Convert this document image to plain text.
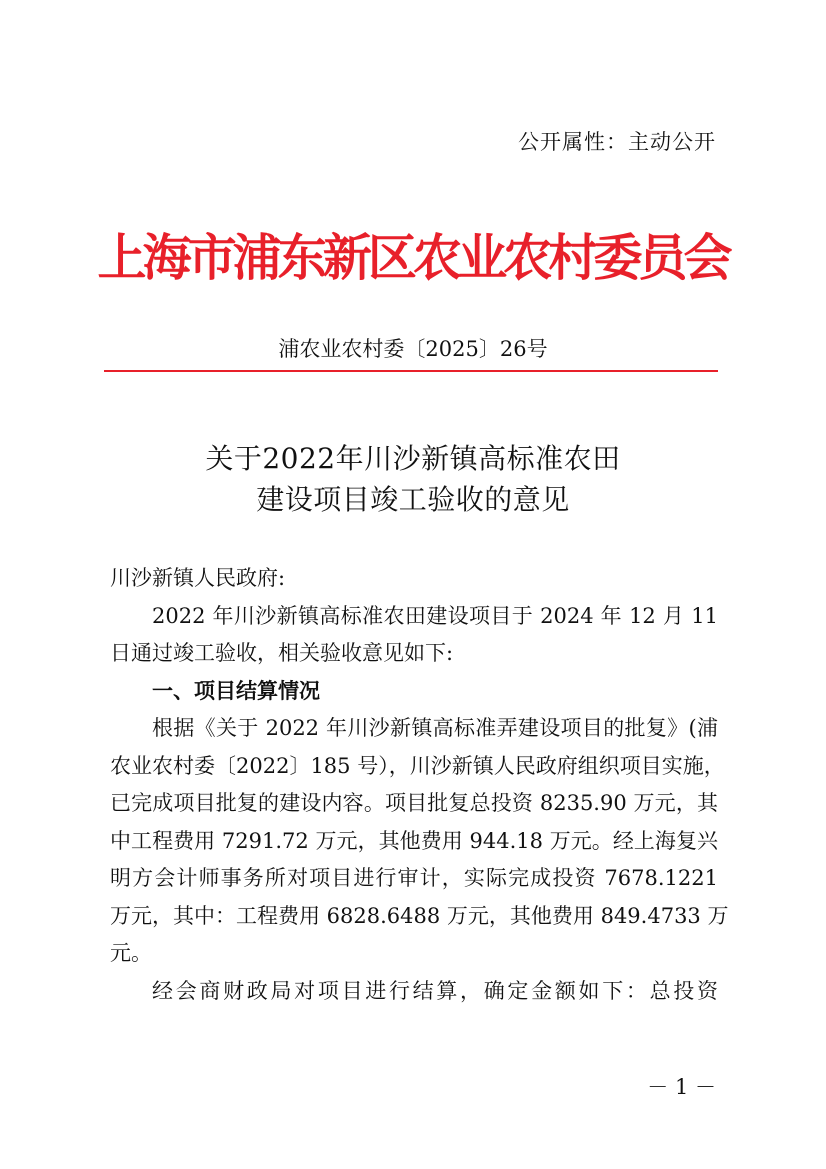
公开属性：主动公开
上海市浦东新区农业农村委员会
浦农业农村委〔2025〕26号
关于2022年川沙新镇高标准农田
建设项目竣工验收的意见
川沙新镇人民政府:
2022 年川沙新镇高标准农田建设项目于 2024 年 12 月 11
日通过竣工验收，相关验收意见如下:
一、项目结算情况
根据《关于 2022 年川沙新镇高标准弄建设项目的批复》(浦
农业农村委〔2022〕185 号），川沙新镇人民政府组织项目实施，
已完成项目批复的建设内容。项目批复总投资 8235.90 万元，其
中工程费用 7291.72 万元，其他费用 944.18 万元。经上海复兴
明方会计师事务所对项目进行审计，实际完成投资 7678.1221
万元，其中：工程费用 6828.6488 万元，其他费用 849.4733 万
元。
经会商财政局对项目进行结算，确定金额如下：总投资
－ 1 －
